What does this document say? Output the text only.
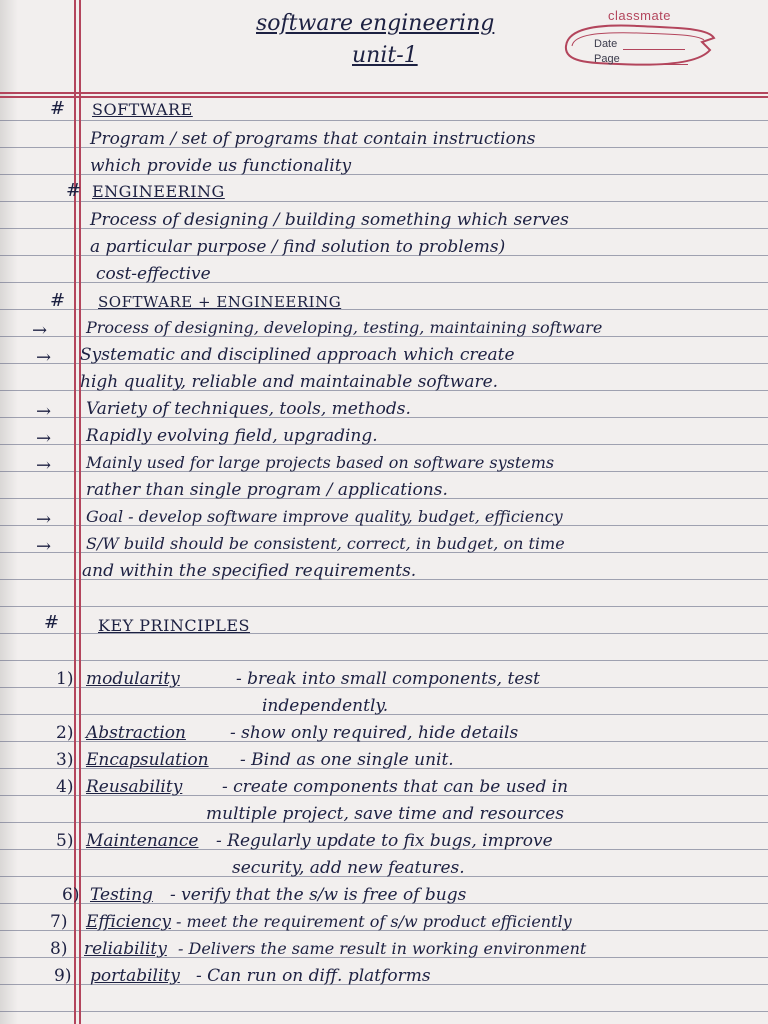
classmate
Date
Page
software engineering
unit-1
# SOFTWARE
Program / set of programs that contain instructions
which provide us functionality
# ENGINEERING
Process of designing / building something which serves
a particular purpose / find solution to problems)
cost-effective
# SOFTWARE + ENGINEERING
→ Process of designing, developing, testing, maintaining software
→ Systematic and disciplined approach which create
high quality, reliable and maintainable software.
→ Variety of techniques, tools, methods.
→ Rapidly evolving field, upgrading.
→ Mainly used for large projects based on software systems
rather than single program / applications.
→ Goal - develop software improve quality, budget, efficiency
→ S/W build should be consistent, correct, in budget, on time
and within the specified requirements.
# KEY PRINCIPLES
1) modularity	- break into small components, test
independently.
2) Abstraction	- show only required, hide details
3) Encapsulation - Bind as one single unit.
4) Reusability - create components that can be used in
multiple project, save time and resources
5) Maintenance - Regularly update to fix bugs, improve
security, add new features.
6) Testing - verify that the s/w is free of bugs
7) Efficiency - meet the requirement of s/w product efficiently
8) reliability - Delivers the same result in working environment
9) portability - Can run on diff. platforms
